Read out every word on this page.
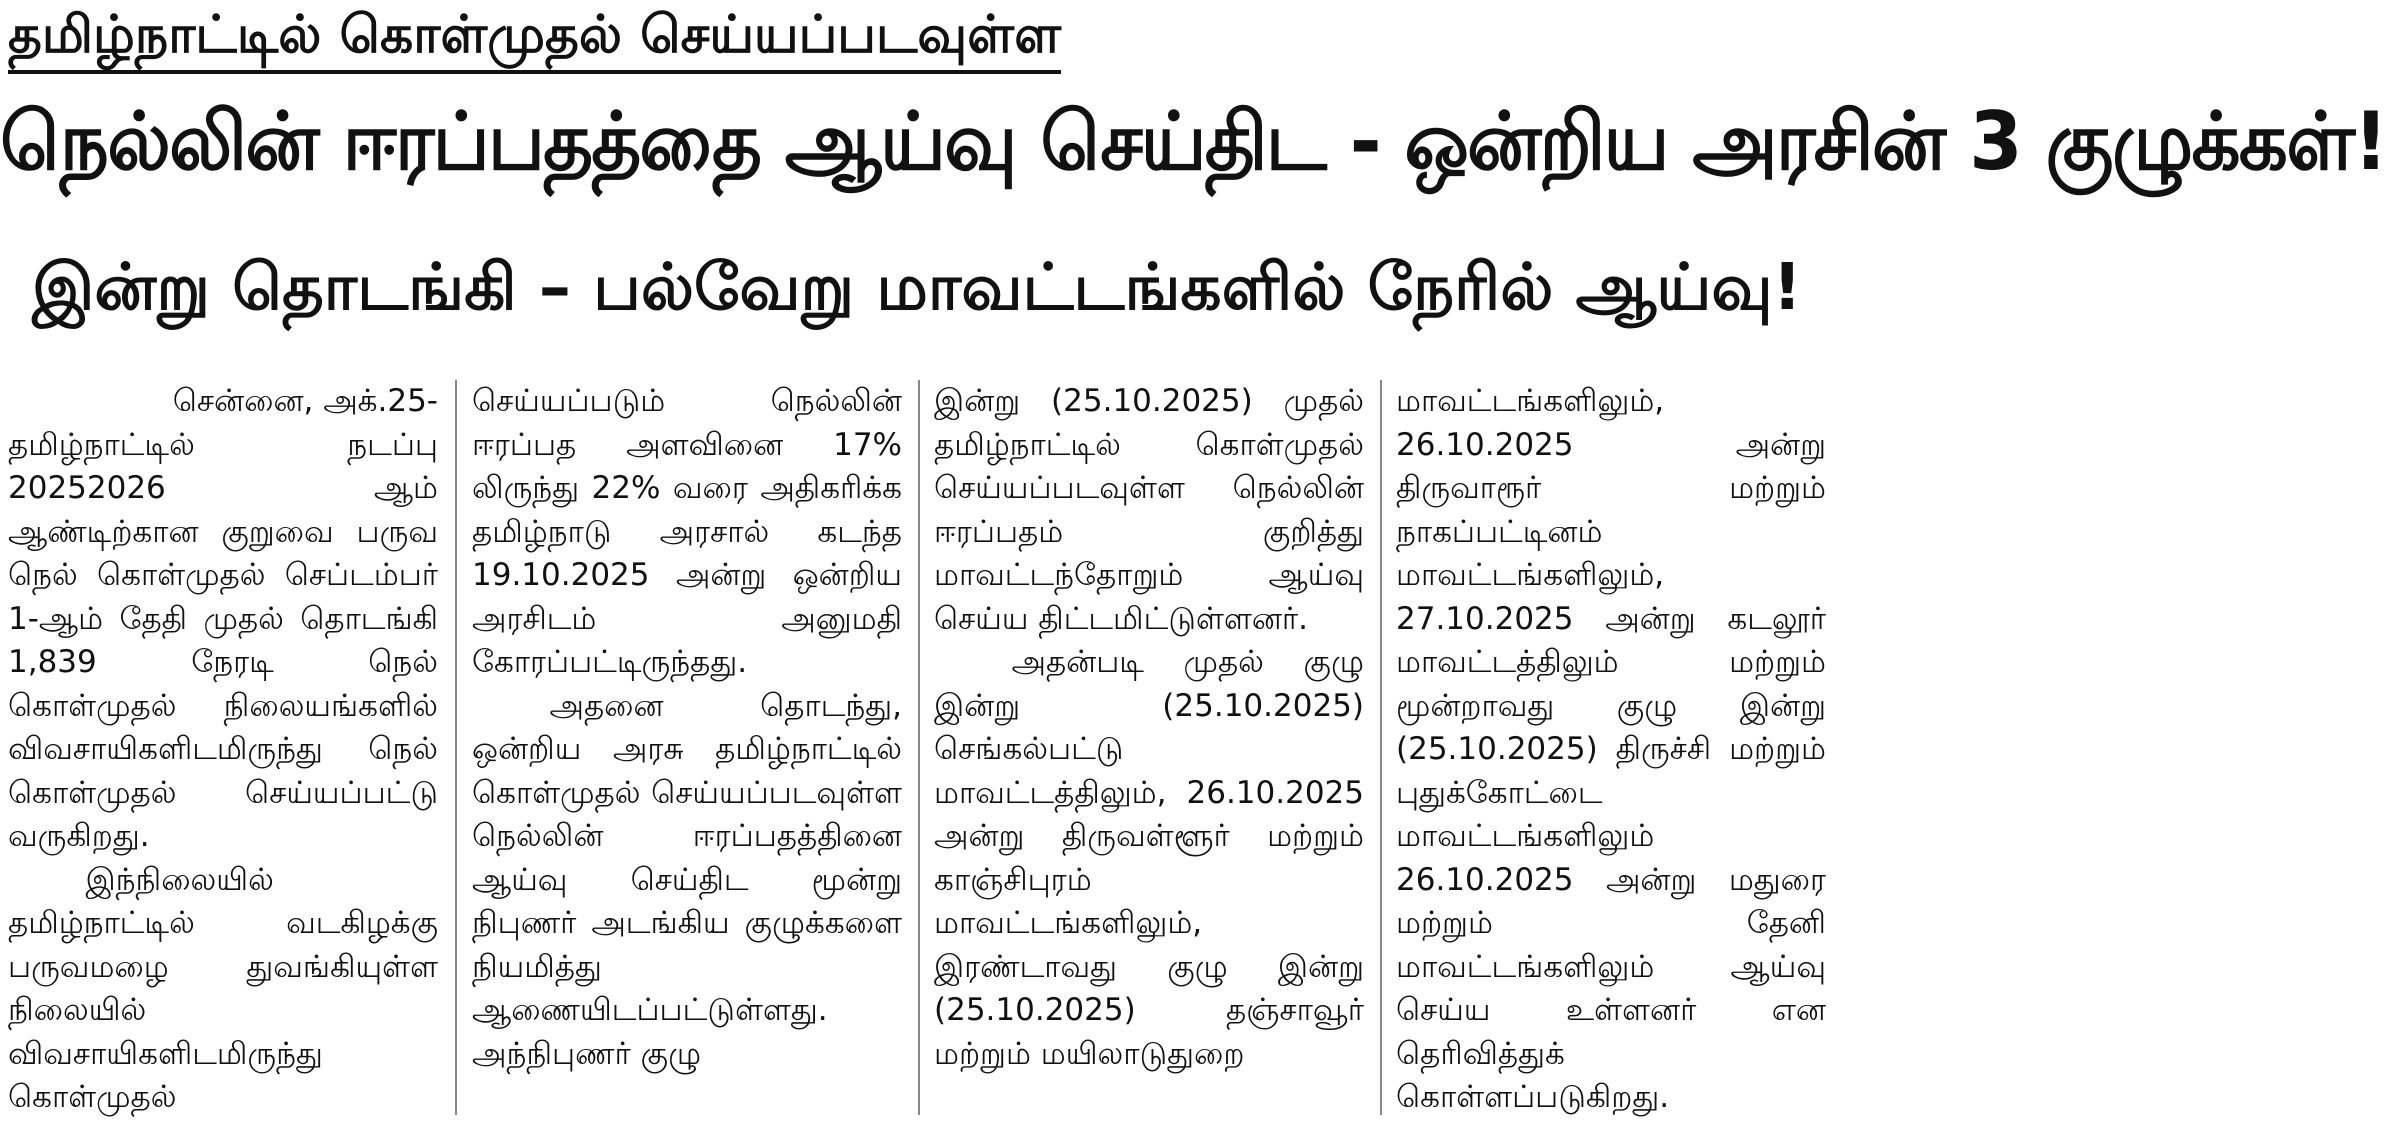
தமிழ்நாட்டில் கொள்முதல் செய்யப்படவுள்ள
நெல்லின் ஈரப்பதத்தை ஆய்வு செய்திட - ஒன்றிய அரசின் 3 குழுக்கள்!
இன்று தொடங்கி – பல்வேறு மாவட்டங்களில் நேரில் ஆய்வு!

சென்னை, அக்.25-

தமிழ்நாட்டில் நடப்பு 20252026 ஆம் ஆண்டிற்கான குறுவை பருவ நெல் கொள்முதல் செப்டம்பர் 1-ஆம் தேதி முதல் தொடங்கி 1,839 நேரடி நெல் கொள்முதல் நிலையங்களில் விவசாயிகளிடமிருந்து நெல் கொள்முதல் செய்யப்பட்டு வருகிறது.

இந்நிலையில் தமிழ்நாட்டில் வடகிழக்கு பருவமழை துவங்கியுள்ள நிலையில் விவசாயிகளிடமிருந்து கொள்முதல்

செய்யப்படும் நெல்லின் ஈரப்பத அளவினை 17% லிருந்து 22% வரை அதிகரிக்க தமிழ்நாடு அரசால் கடந்த 19.10.2025 அன்று ஒன்றிய அரசிடம் அனுமதி கோரப்பட்டிருந்தது.

அதனை தொடந்து, ஒன்றிய அரசு தமிழ்நாட்டில் கொள்முதல் செய்யப்படவுள்ள நெல்லின் ஈரப்பதத்தினை ஆய்வு செய்திட மூன்று நிபுணர் அடங்கிய குழுக்களை நியமித்து ஆணையிடப்பட்டுள்ளது. அந்நிபுணர் குழு

இன்று (25.10.2025) முதல் தமிழ்நாட்டில் கொள்முதல் செய்யப்படவுள்ள நெல்லின் ஈரப்பதம் குறித்து மாவட்டந்தோறும் ஆய்வு செய்ய திட்டமிட்டுள்ளனர்.

அதன்படி முதல் குழு இன்று (25.10.2025) செங்கல்பட்டு மாவட்டத்திலும், 26.10.2025 அன்று திருவள்ளூர் மற்றும் காஞ்சிபுரம் மாவட்டங்களிலும், இரண்டாவது குழு இன்று (25.10.2025) தஞ்சாவூர் மற்றும் மயிலாடுதுறை

மாவட்டங்களிலும், 26.10.2025 அன்று திருவாரூர் மற்றும் நாகப்பட்டினம் மாவட்டங்களிலும், 27.10.2025 அன்று கடலூர் மாவட்டத்திலும் மற்றும் மூன்றாவது குழு இன்று (25.10.2025) திருச்சி மற்றும் புதுக்கோட்டை மாவட்டங்களிலும் 26.10.2025 அன்று மதுரை மற்றும் தேனி மாவட்டங்களிலும் ஆய்வு செய்ய உள்ளனர் என தெரிவித்துக் கொள்ளப்படுகிறது.
